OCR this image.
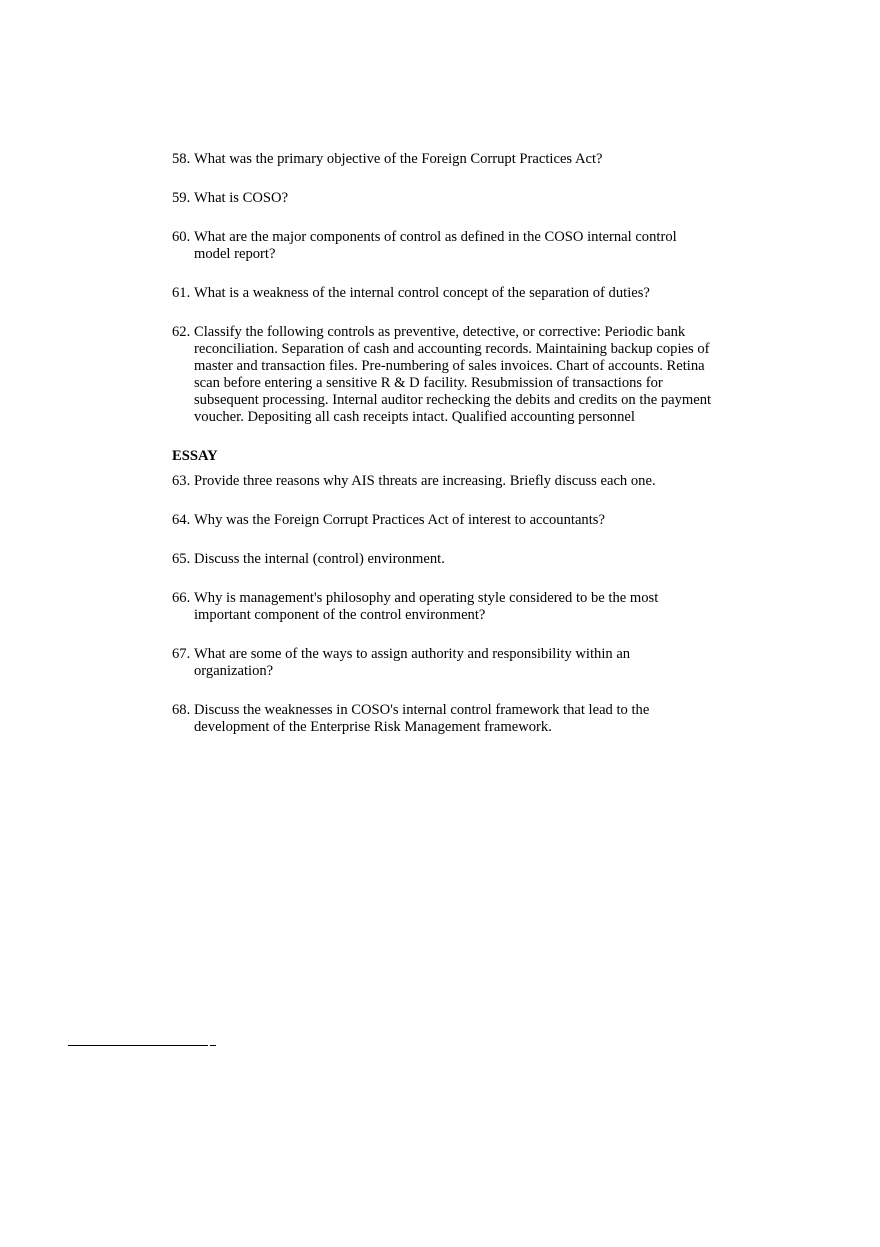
58. What was the primary objective of the Foreign Corrupt Practices Act?
59. What is COSO?
60. What are the major components of control as defined in the COSO internal control model report?
61. What is a weakness of the internal control concept of the separation of duties?
62. Classify the following controls as preventive, detective, or corrective: Periodic bank reconciliation. Separation of cash and accounting records. Maintaining backup copies of master and transaction files. Pre-numbering of sales invoices. Chart of accounts. Retina scan before entering a sensitive R & D facility. Resubmission of transactions for subsequent processing. Internal auditor rechecking the debits and credits on the payment voucher. Depositing all cash receipts intact. Qualified accounting personnel
ESSAY
63. Provide three reasons why AIS threats are increasing. Briefly discuss each one.
64. Why was the Foreign Corrupt Practices Act of interest to accountants?
65. Discuss the internal (control) environment.
66. Why is management's philosophy and operating style considered to be the most important component of the control environment?
67. What are some of the ways to assign authority and responsibility within an organization?
68. Discuss the weaknesses in COSO's internal control framework that lead to the development of the Enterprise Risk Management framework.
